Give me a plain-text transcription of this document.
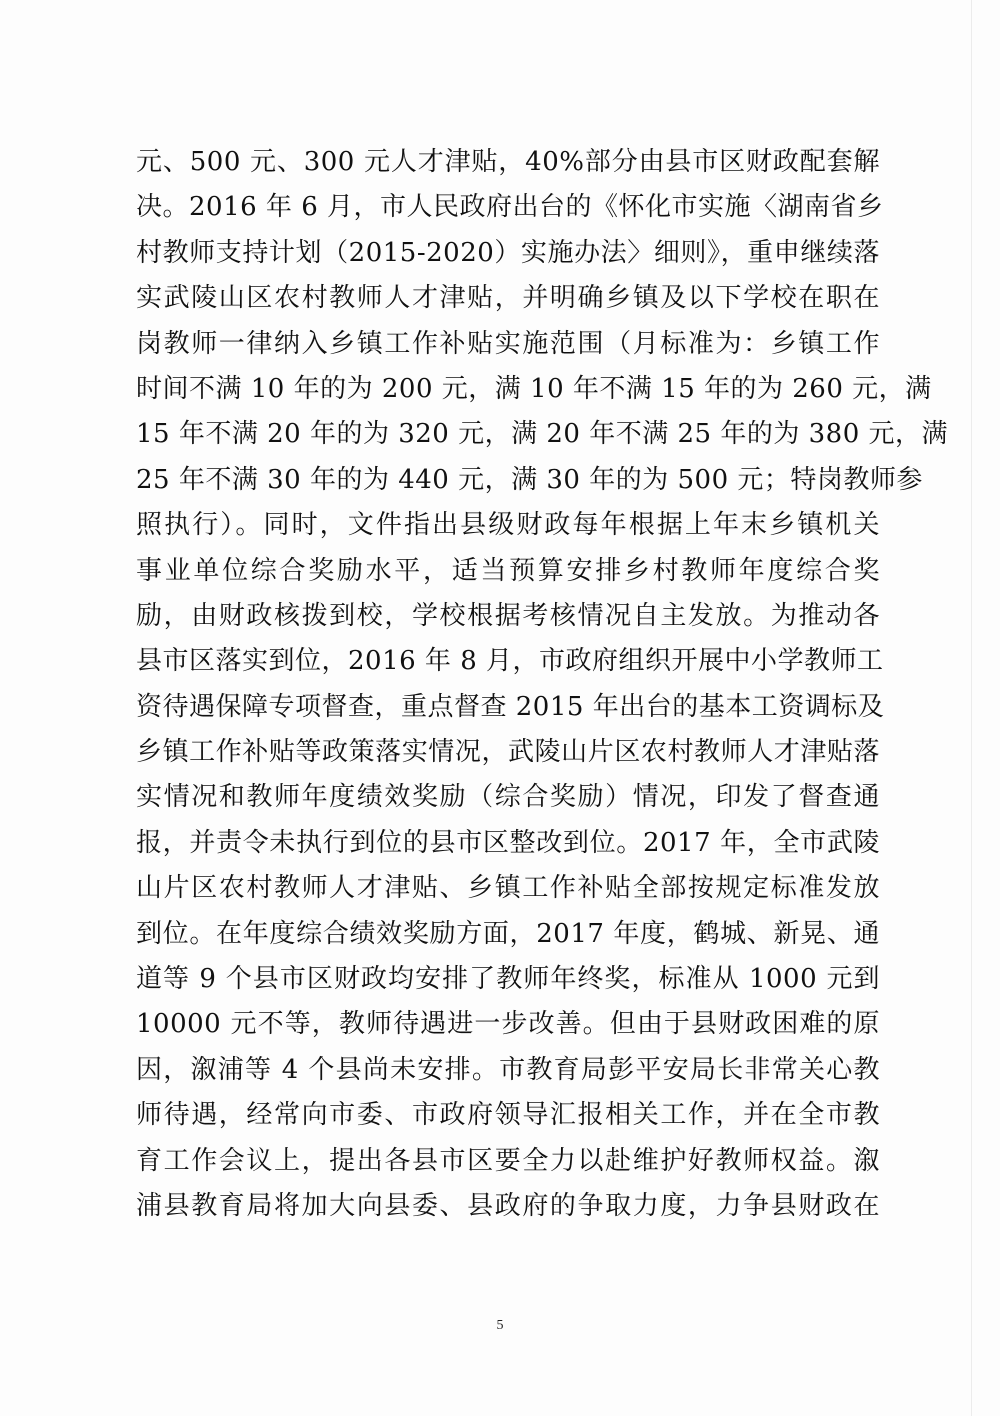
元、500 元、300 元人才津贴，40%部分由县市区财政配套解
决。2016 年 6 月，市人民政府出台的《怀化市实施〈湖南省乡
村教师支持计划（2015-2020）实施办法〉细则》，重申继续落
实武陵山区农村教师人才津贴，并明确乡镇及以下学校在职在
岗教师一律纳入乡镇工作补贴实施范围（月标准为：乡镇工作
时间不满 10 年的为 200 元，满 10 年不满 15 年的为 260 元，满
15 年不满 20 年的为 320 元，满 20 年不满 25 年的为 380 元，满
25 年不满 30 年的为 440 元，满 30 年的为 500 元；特岗教师参
照执行）。同时，文件指出县级财政每年根据上年末乡镇机关
事业单位综合奖励水平，适当预算安排乡村教师年度综合奖
励，由财政核拨到校，学校根据考核情况自主发放。为推动各
县市区落实到位，2016 年 8 月，市政府组织开展中小学教师工
资待遇保障专项督查，重点督查 2015 年出台的基本工资调标及
乡镇工作补贴等政策落实情况，武陵山片区农村教师人才津贴落
实情况和教师年度绩效奖励（综合奖励）情况，印发了督查通
报，并责令未执行到位的县市区整改到位。2017 年，全市武陵
山片区农村教师人才津贴、乡镇工作补贴全部按规定标准发放
到位。在年度综合绩效奖励方面，2017 年度，鹤城、新晃、通
道等 9 个县市区财政均安排了教师年终奖，标准从 1000 元到
10000 元不等，教师待遇进一步改善。但由于县财政困难的原
因，溆浦等 4 个县尚未安排。市教育局彭平安局长非常关心教
师待遇，经常向市委、市政府领导汇报相关工作，并在全市教
育工作会议上，提出各县市区要全力以赴维护好教师权益。溆
浦县教育局将加大向县委、县政府的争取力度，力争县财政在
5
